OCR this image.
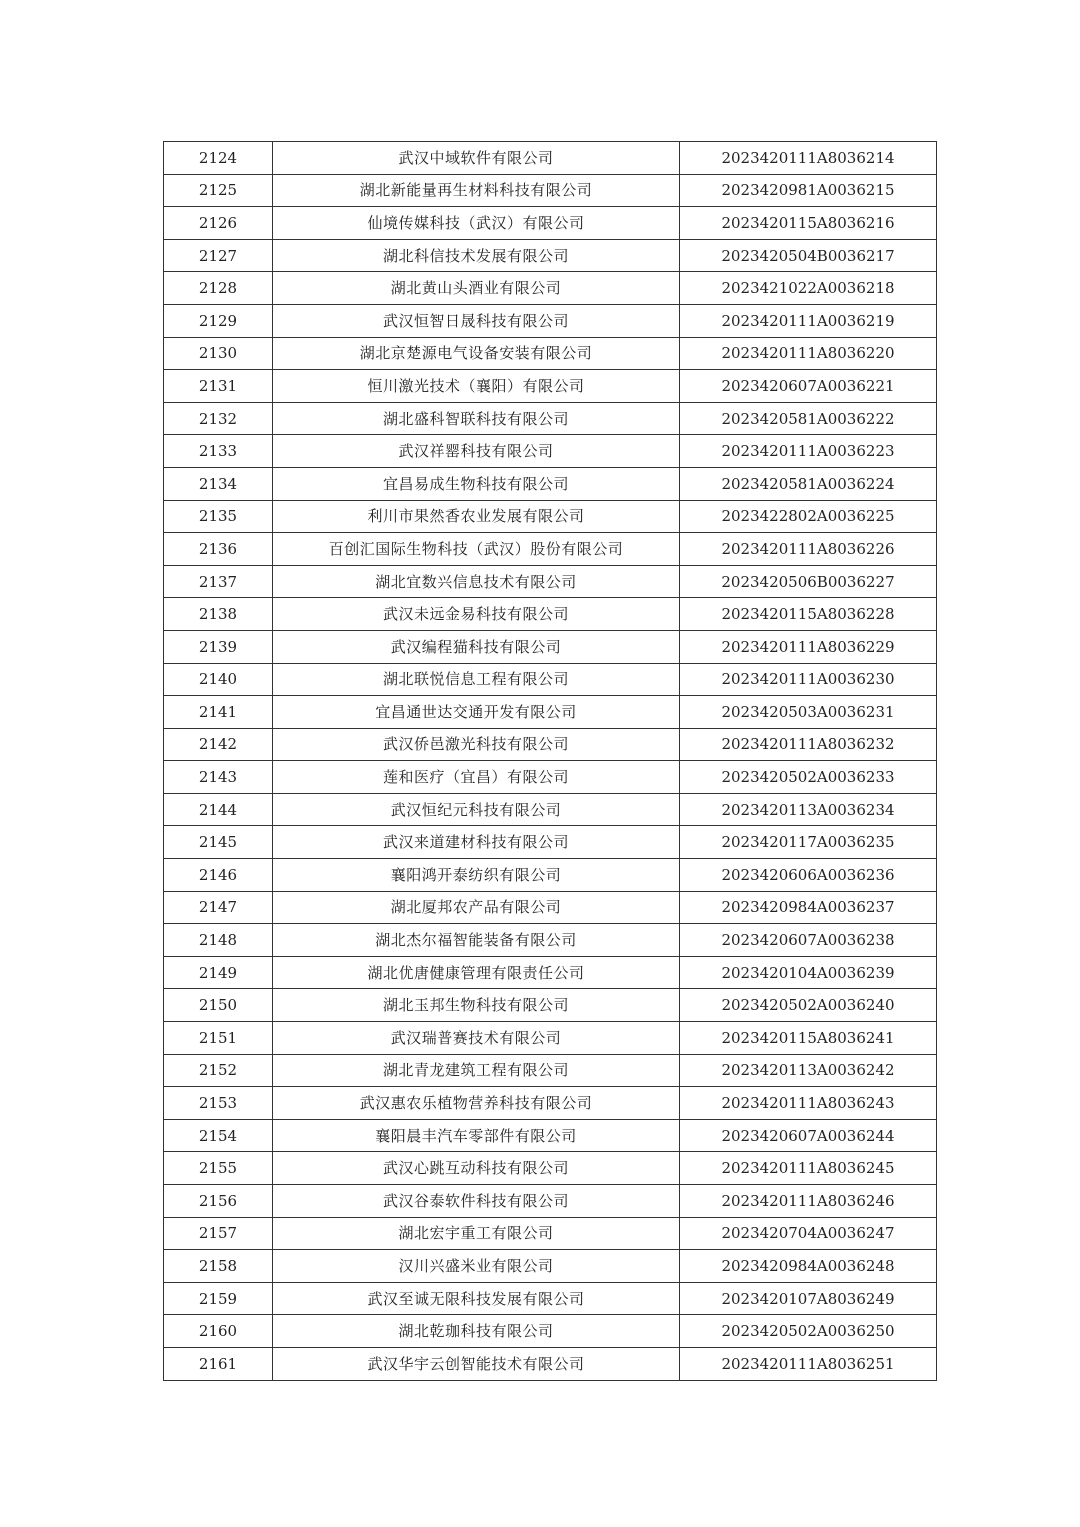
2124	武汉中域软件有限公司	2023420111A8036214
2125	湖北新能量再生材料科技有限公司	2023420981A0036215
2126	仙境传媒科技（武汉）有限公司	2023420115A8036216
2127	湖北科信技术发展有限公司	2023420504B0036217
2128	湖北黄山头酒业有限公司	2023421022A0036218
2129	武汉恒智日晟科技有限公司	2023420111A0036219
2130	湖北京楚源电气设备安装有限公司	2023420111A8036220
2131	恒川激光技术（襄阳）有限公司	2023420607A0036221
2132	湖北盛科智联科技有限公司	2023420581A0036222
2133	武汉祥罂科技有限公司	2023420111A0036223
2134	宜昌易成生物科技有限公司	2023420581A0036224
2135	利川市果然香农业发展有限公司	2023422802A0036225
2136	百创汇国际生物科技（武汉）股份有限公司	2023420111A8036226
2137	湖北宜数兴信息技术有限公司	2023420506B0036227
2138	武汉未远金易科技有限公司	2023420115A8036228
2139	武汉编程猫科技有限公司	2023420111A8036229
2140	湖北联悦信息工程有限公司	2023420111A0036230
2141	宜昌通世达交通开发有限公司	2023420503A0036231
2142	武汉侨邑激光科技有限公司	2023420111A8036232
2143	莲和医疗（宜昌）有限公司	2023420502A0036233
2144	武汉恒纪元科技有限公司	2023420113A0036234
2145	武汉来道建材科技有限公司	2023420117A0036235
2146	襄阳鸿开泰纺织有限公司	2023420606A0036236
2147	湖北厦邦农产品有限公司	2023420984A0036237
2148	湖北杰尔福智能装备有限公司	2023420607A0036238
2149	湖北优唐健康管理有限责任公司	2023420104A0036239
2150	湖北玉邦生物科技有限公司	2023420502A0036240
2151	武汉瑞普赛技术有限公司	2023420115A8036241
2152	湖北青龙建筑工程有限公司	2023420113A0036242
2153	武汉惠农乐植物营养科技有限公司	2023420111A8036243
2154	襄阳晨丰汽车零部件有限公司	2023420607A0036244
2155	武汉心跳互动科技有限公司	2023420111A8036245
2156	武汉谷泰软件科技有限公司	2023420111A8036246
2157	湖北宏宇重工有限公司	2023420704A0036247
2158	汉川兴盛米业有限公司	2023420984A0036248
2159	武汉至诚无限科技发展有限公司	2023420107A8036249
2160	湖北乾珈科技有限公司	2023420502A0036250
2161	武汉华宇云创智能技术有限公司	2023420111A8036251
